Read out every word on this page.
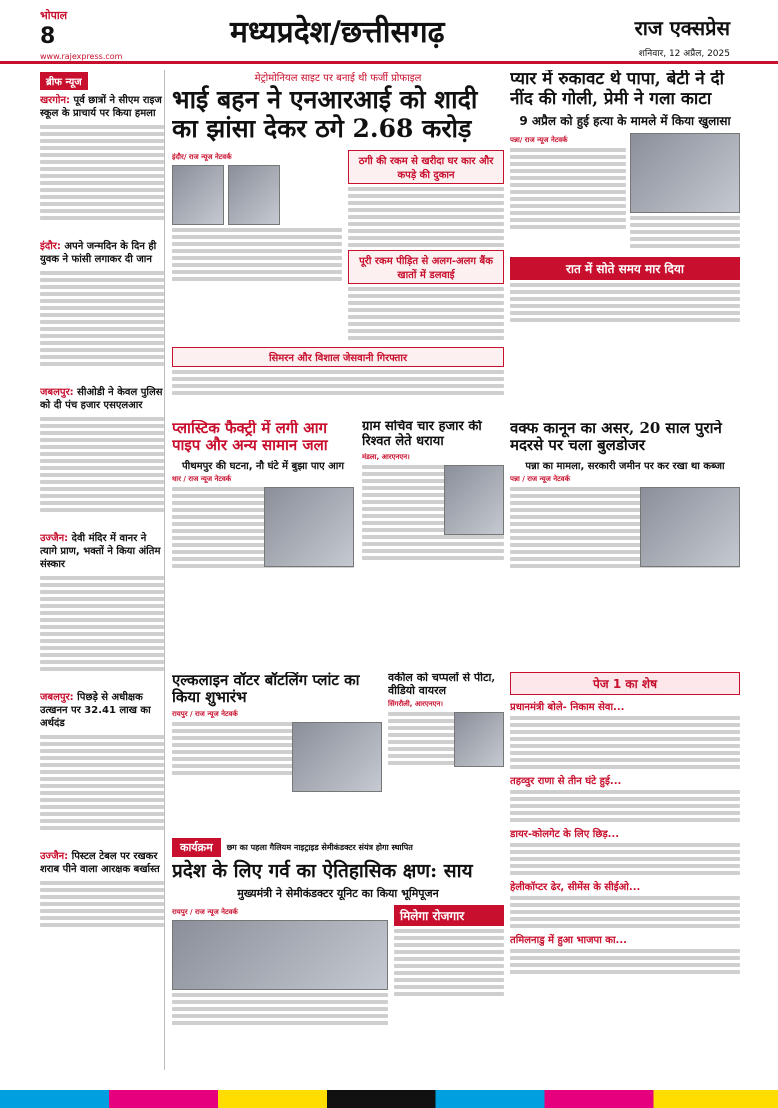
भोपाल
8
www.rajexpress.com
मध्यप्रदेश/छत्तीसगढ़	राज एक्सप्रेस
शनिवार, 12 अप्रैल, 2025
ब्रीफ न्यूज
खरगोन: पूर्व छात्रों ने सीएम राइज स्कूल के प्राचार्य पर किया हमला
इंदौर: अपने जन्मदिन के दिन ही युवक ने फांसी लगाकर दी जान
जबलपुर: सीओडी ने केवल पुलिस को दी पंच हजार एसएलआर
उज्जैन: देवी मंदिर में वानर ने त्यागे प्राण, भक्तों ने किया अंतिम संस्कार
जबलपुर: पिछड़े से अधीक्षक उत्खनन पर 32.41 लाख का अर्थदंड
उज्जैन: पिस्टल टेबल पर रखकर शराब पीने वाला आरक्षक बर्खास्त
मेट्रोमोनियल साइट पर बनाई थी फर्जी प्रोफाइल
भाई बहन ने एनआरआई को शादी का झांसा देकर ठगे 2.68 करोड़
इंदौर/ राज न्यूज नेटवर्क	ठगी की रकम से खरीदा घर कार और कपड़े की दुकान
पूरी रकम पीड़ित से अलग-अलग बैंक खातों में डलवाई
सिमरन और विशाल जेसवानी गिरफ्तार
प्यार में रुकावट थे पापा, बेटी ने दी नींद की गोली, प्रेमी ने गला काटा
9 अप्रैल को हुई हत्या के मामले में किया खुलासा
पन्ना/ राज न्यूज नेटवर्क
रात में सोते समय मार दिया
प्लास्टिक फैक्ट्री में लगी आग पाइप और अन्य सामान जला
पीथमपुर की घटना, नौ घंटे में बुझा पाए आग
धार / राज न्यूज नेटवर्क
ग्राम सचिव चार हजार की रिश्वत लेते धराया
मंडला, आरएनएन।
वक्फ कानून का असर, 20 साल पुराने मदरसे पर चला बुलडोजर
पन्ना का मामला, सरकारी जमीन पर कर रखा था कब्जा
पन्ना / राज न्यूज नेटवर्क
एल्कलाइन वॉटर बॉटलिंग प्लांट का किया शुभारंभ
रायपुर / राज न्यूज नेटवर्क
वकील को चप्पलों से पीटा, वीडियो वायरल
सिंगरौली, आरएनएन।
पेज 1 का शेष
प्रधानमंत्री बोले- निकाम सेवा...
तहव्वुर राणा से तीन घंटे हुई...
डायर-कोलगेट के लिए छिड़...
हेलीकॉप्टर ढेर, सीमेंस के सीईओ...
तमिलनाडु में हुआ भाजपा का...
कार्यक्रम	छग का पहला गैलियम नाइट्राइड सेमीकंडक्टर संयंत्र होगा स्थापित
प्रदेश के लिए गर्व का ऐतिहासिक क्षण: साय
मुख्यमंत्री ने सेमीकंडक्टर यूनिट का किया भूमिपूजन
रायपुर / राज न्यूज नेटवर्क	मिलेगा रोजगार
